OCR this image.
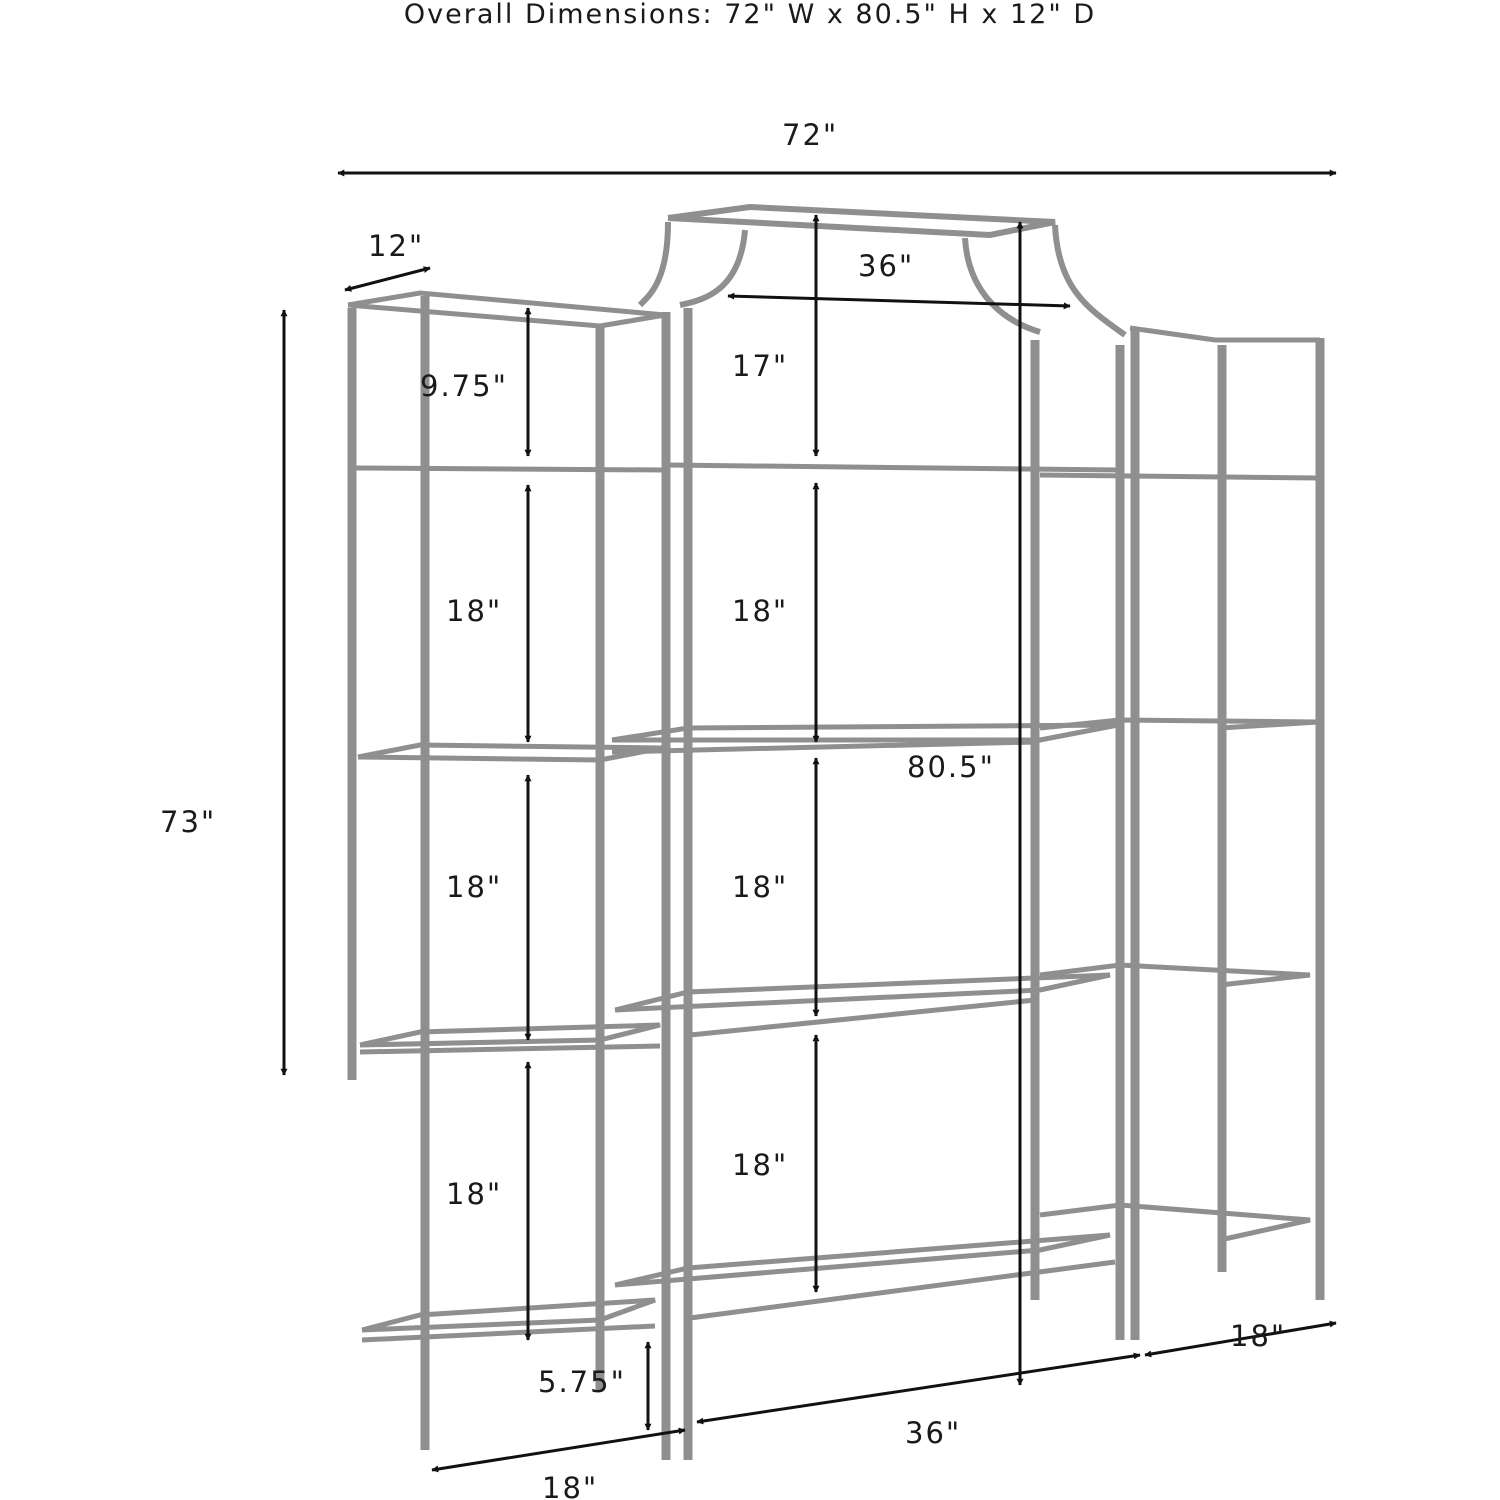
Overall Dimensions: 72" W x 80.5" H x 12" D
72"
12"
36"
17"
9.75"
73"
18"	18"
80.5"
18"	18"
18"
18"
5.75"
18"
36"
18"
